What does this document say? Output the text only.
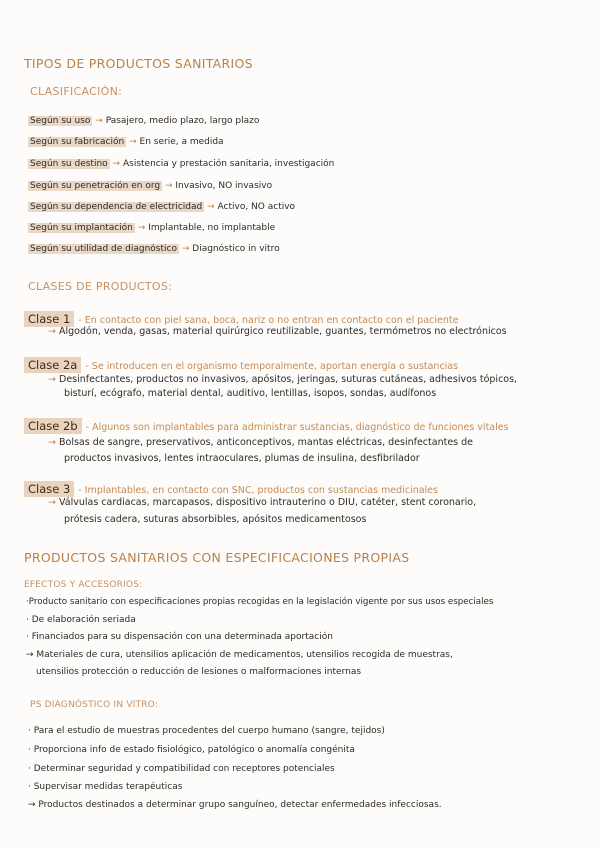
TIPOS DE PRODUCTOS SANITARIOS
CLASIFICACIÓN:
Según su uso → Pasajero, medio plazo, largo plazo
Según su fabricación → En serie, a medida
Según su destino → Asistencia y prestación sanitaria, investigación
Según su penetración en org → Invasivo, NO invasivo
Según su dependencia de electricidad → Activo, NO activo
Según su implantación → Implantable, no implantable
Según su utilidad de diagnóstico → Diagnóstico in vitro
CLASES DE PRODUCTOS:
Clase 1 - En contacto con piel sana, boca, nariz o no entran en contacto con el paciente
→ Algodón, venda, gasas, material quirúrgico reutilizable, guantes, termómetros no electrónicos
Clase 2a - Se introducen en el organismo temporalmente, aportan energía o sustancias
→ Desinfectantes, productos no invasivos, apósitos, jeringas, suturas cutáneas, adhesivos tópicos,
bisturí, ecógrafo, material dental, auditivo, lentillas, isopos, sondas, audífonos
Clase 2b - Algunos son implantables para administrar sustancias, diagnóstico de funciones vitales
→ Bolsas de sangre, preservativos, anticonceptivos, mantas eléctricas, desinfectantes de
productos invasivos, lentes intraoculares, plumas de insulina, desfibrilador
Clase 3 - Implantables, en contacto con SNC, productos con sustancias medicinales
→ Válvulas cardiacas, marcapasos, dispositivo intrauterino o DIU, catéter, stent coronario,
prótesis cadera, suturas absorbibles, apósitos medicamentosos
PRODUCTOS SANITARIOS CON ESPECIFICACIONES PROPIAS
EFECTOS Y ACCESORIOS:
·Producto sanitario con especificaciones propias recogidas en la legislación vigente por sus usos especiales
· De elaboración seriada
· Financiados para su dispensación con una determinada aportación
→ Materiales de cura, utensilios aplicación de medicamentos, utensilios recogida de muestras,
utensilios protección o reducción de lesiones o malformaciones internas
PS DIAGNÓSTICO IN VITRO:
· Para el estudio de muestras procedentes del cuerpo humano (sangre, tejidos)
· Proporciona info de estado fisiológico, patológico o anomalía congénita
· Determinar seguridad y compatibilidad con receptores potenciales
· Supervisar medidas terapéuticas
→ Productos destinados a determinar grupo sanguíneo, detectar enfermedades infecciosas.
